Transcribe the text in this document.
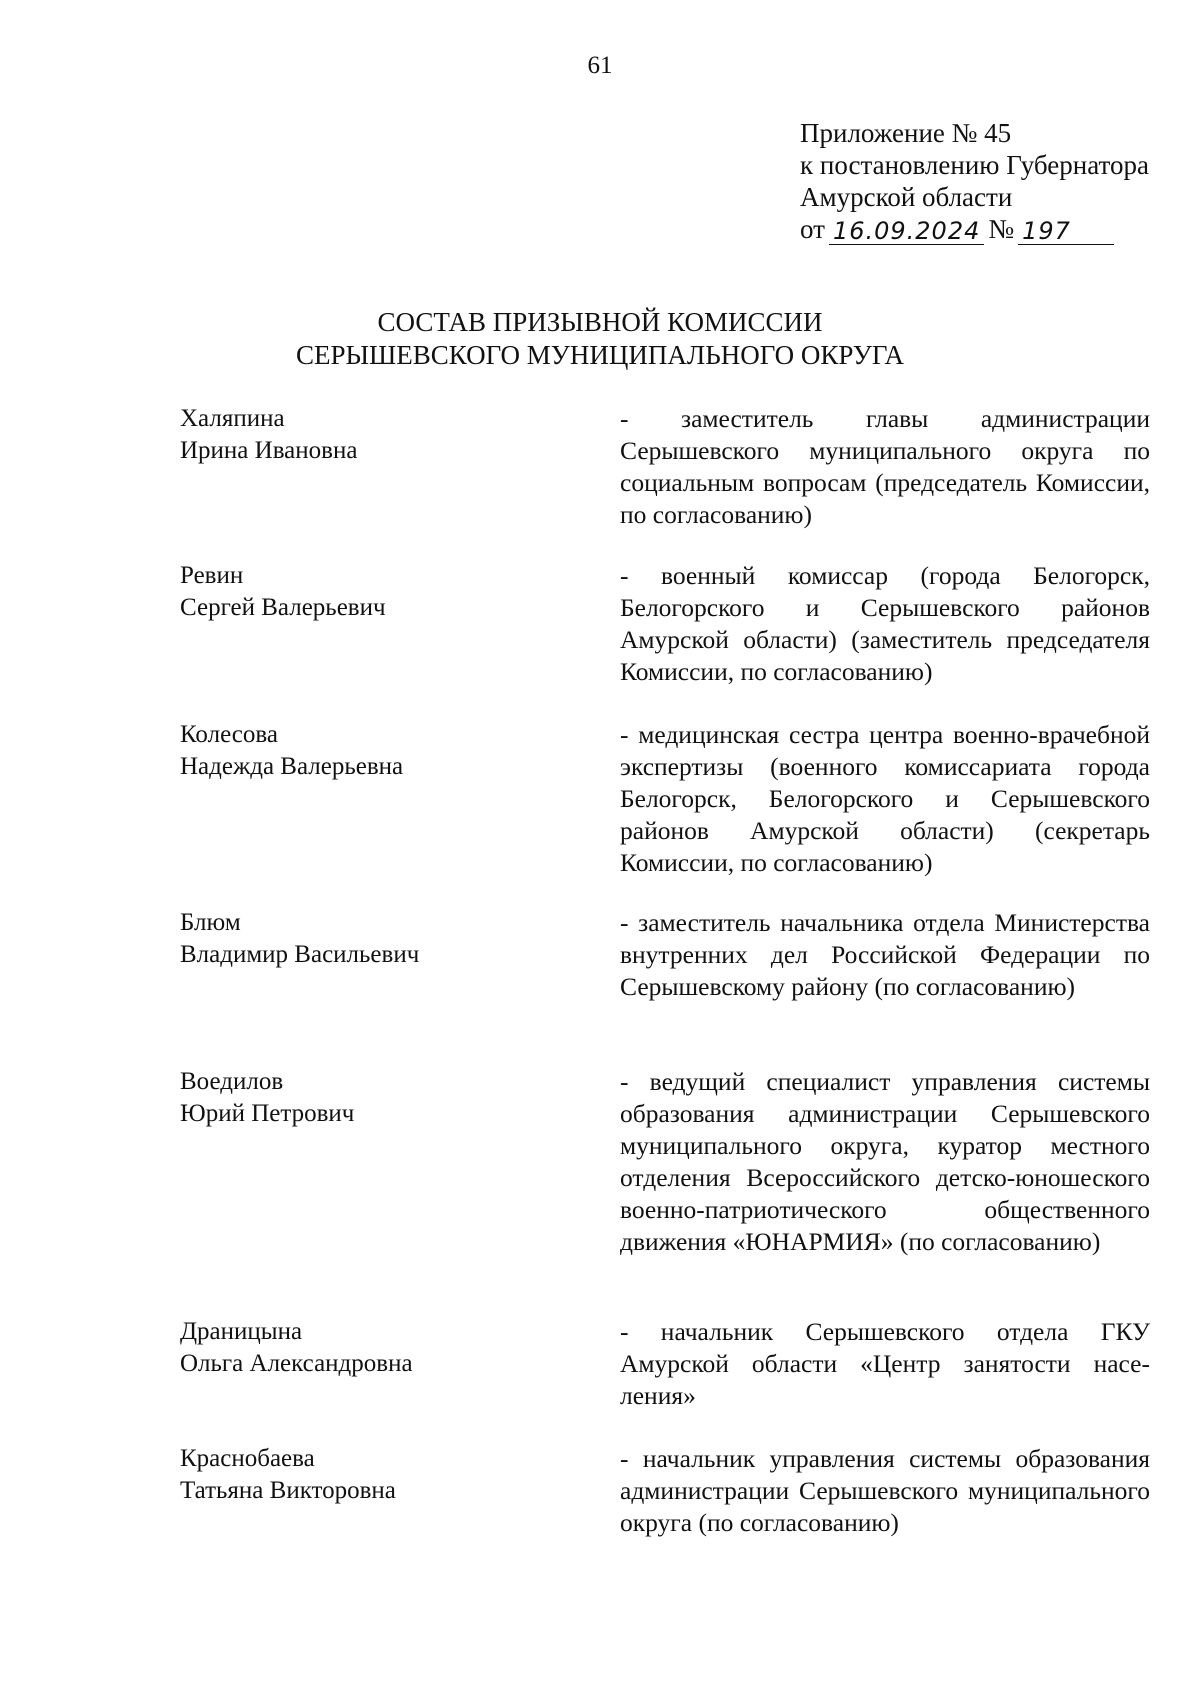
61
Приложение № 45
к постановлению Губернатора
Амурской области
от 16.09.2024 № 197
СОСТАВ ПРИЗЫВНОЙ КОМИССИИ
СЕРЫШЕВСКОГО МУНИЦИПАЛЬНОГО ОКРУГА
Халяпина
Ирина Ивановна
- заместитель главы администрации Серышевского муниципального округа по социальным вопросам (председатель Комиссии, по согласованию)
Ревин
Сергей Валерьевич
- военный комиссар (города Белогорск, Белогорского и Серышевского районов Амурской области) (заместитель председателя Комиссии, по согласованию)
Колесова
Надежда Валерьевна
- медицинская сестра центра военно-врачебной экспертизы (военного комиссариата города Белогорск, Белогорского и Серышевского районов Амурской области) (секретарь Комиссии, по согласованию)
Блюм
Владимир Васильевич
- заместитель начальника отдела Министерства внутренних дел Российской Федерации по Серышевскому району (по согласованию)
Воедилов
Юрий Петрович
- ведущий специалист управления системы образования администрации Серышевского муниципального округа, куратор местного отделения Всероссийского детско-юношеского военно-патриотического общественного движения «ЮНАРМИЯ» (по согласованию)
Драницына
Ольга Александровна
- начальник Серышевского отдела ГКУ Амурской области «Центр занятости населения»
Краснобаева
Татьяна Викторовна
- начальник управления системы образования администрации Серышевского муниципального округа (по согласованию)
